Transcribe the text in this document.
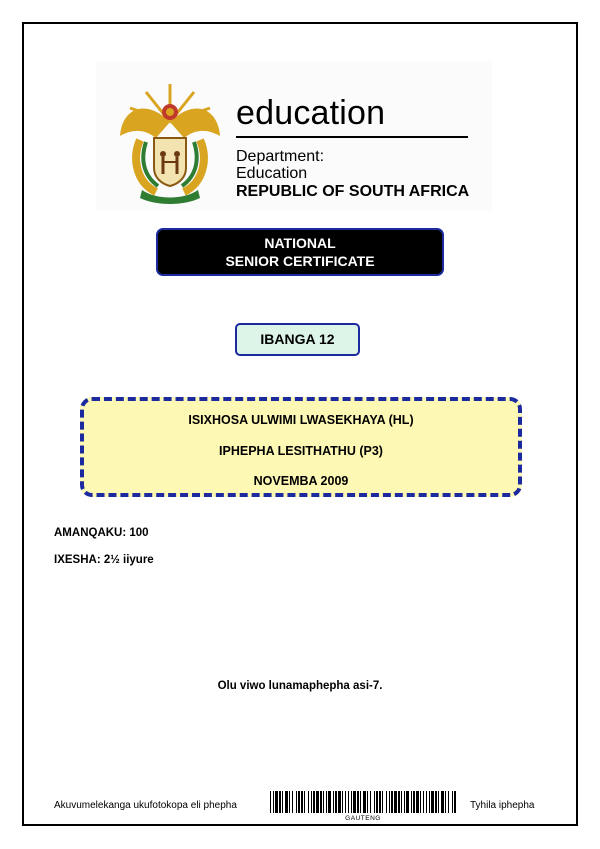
education
Department:
Education
REPUBLIC OF SOUTH AFRICA
NATIONAL
SENIOR CERTIFICATE
IBANGA 12
ISIXHOSA ULWIMI LWASEKHAYA (HL)
IPHEPHA LESITHATHU (P3)
NOVEMBA 2009
AMANQAKU: 100
IXESHA: 2½ iiyure
Olu viwo lunamaphepha asi-7.
Akuvumelekanga ukufotokopa eli phepha
GAUTENG
Tyhila iphepha
